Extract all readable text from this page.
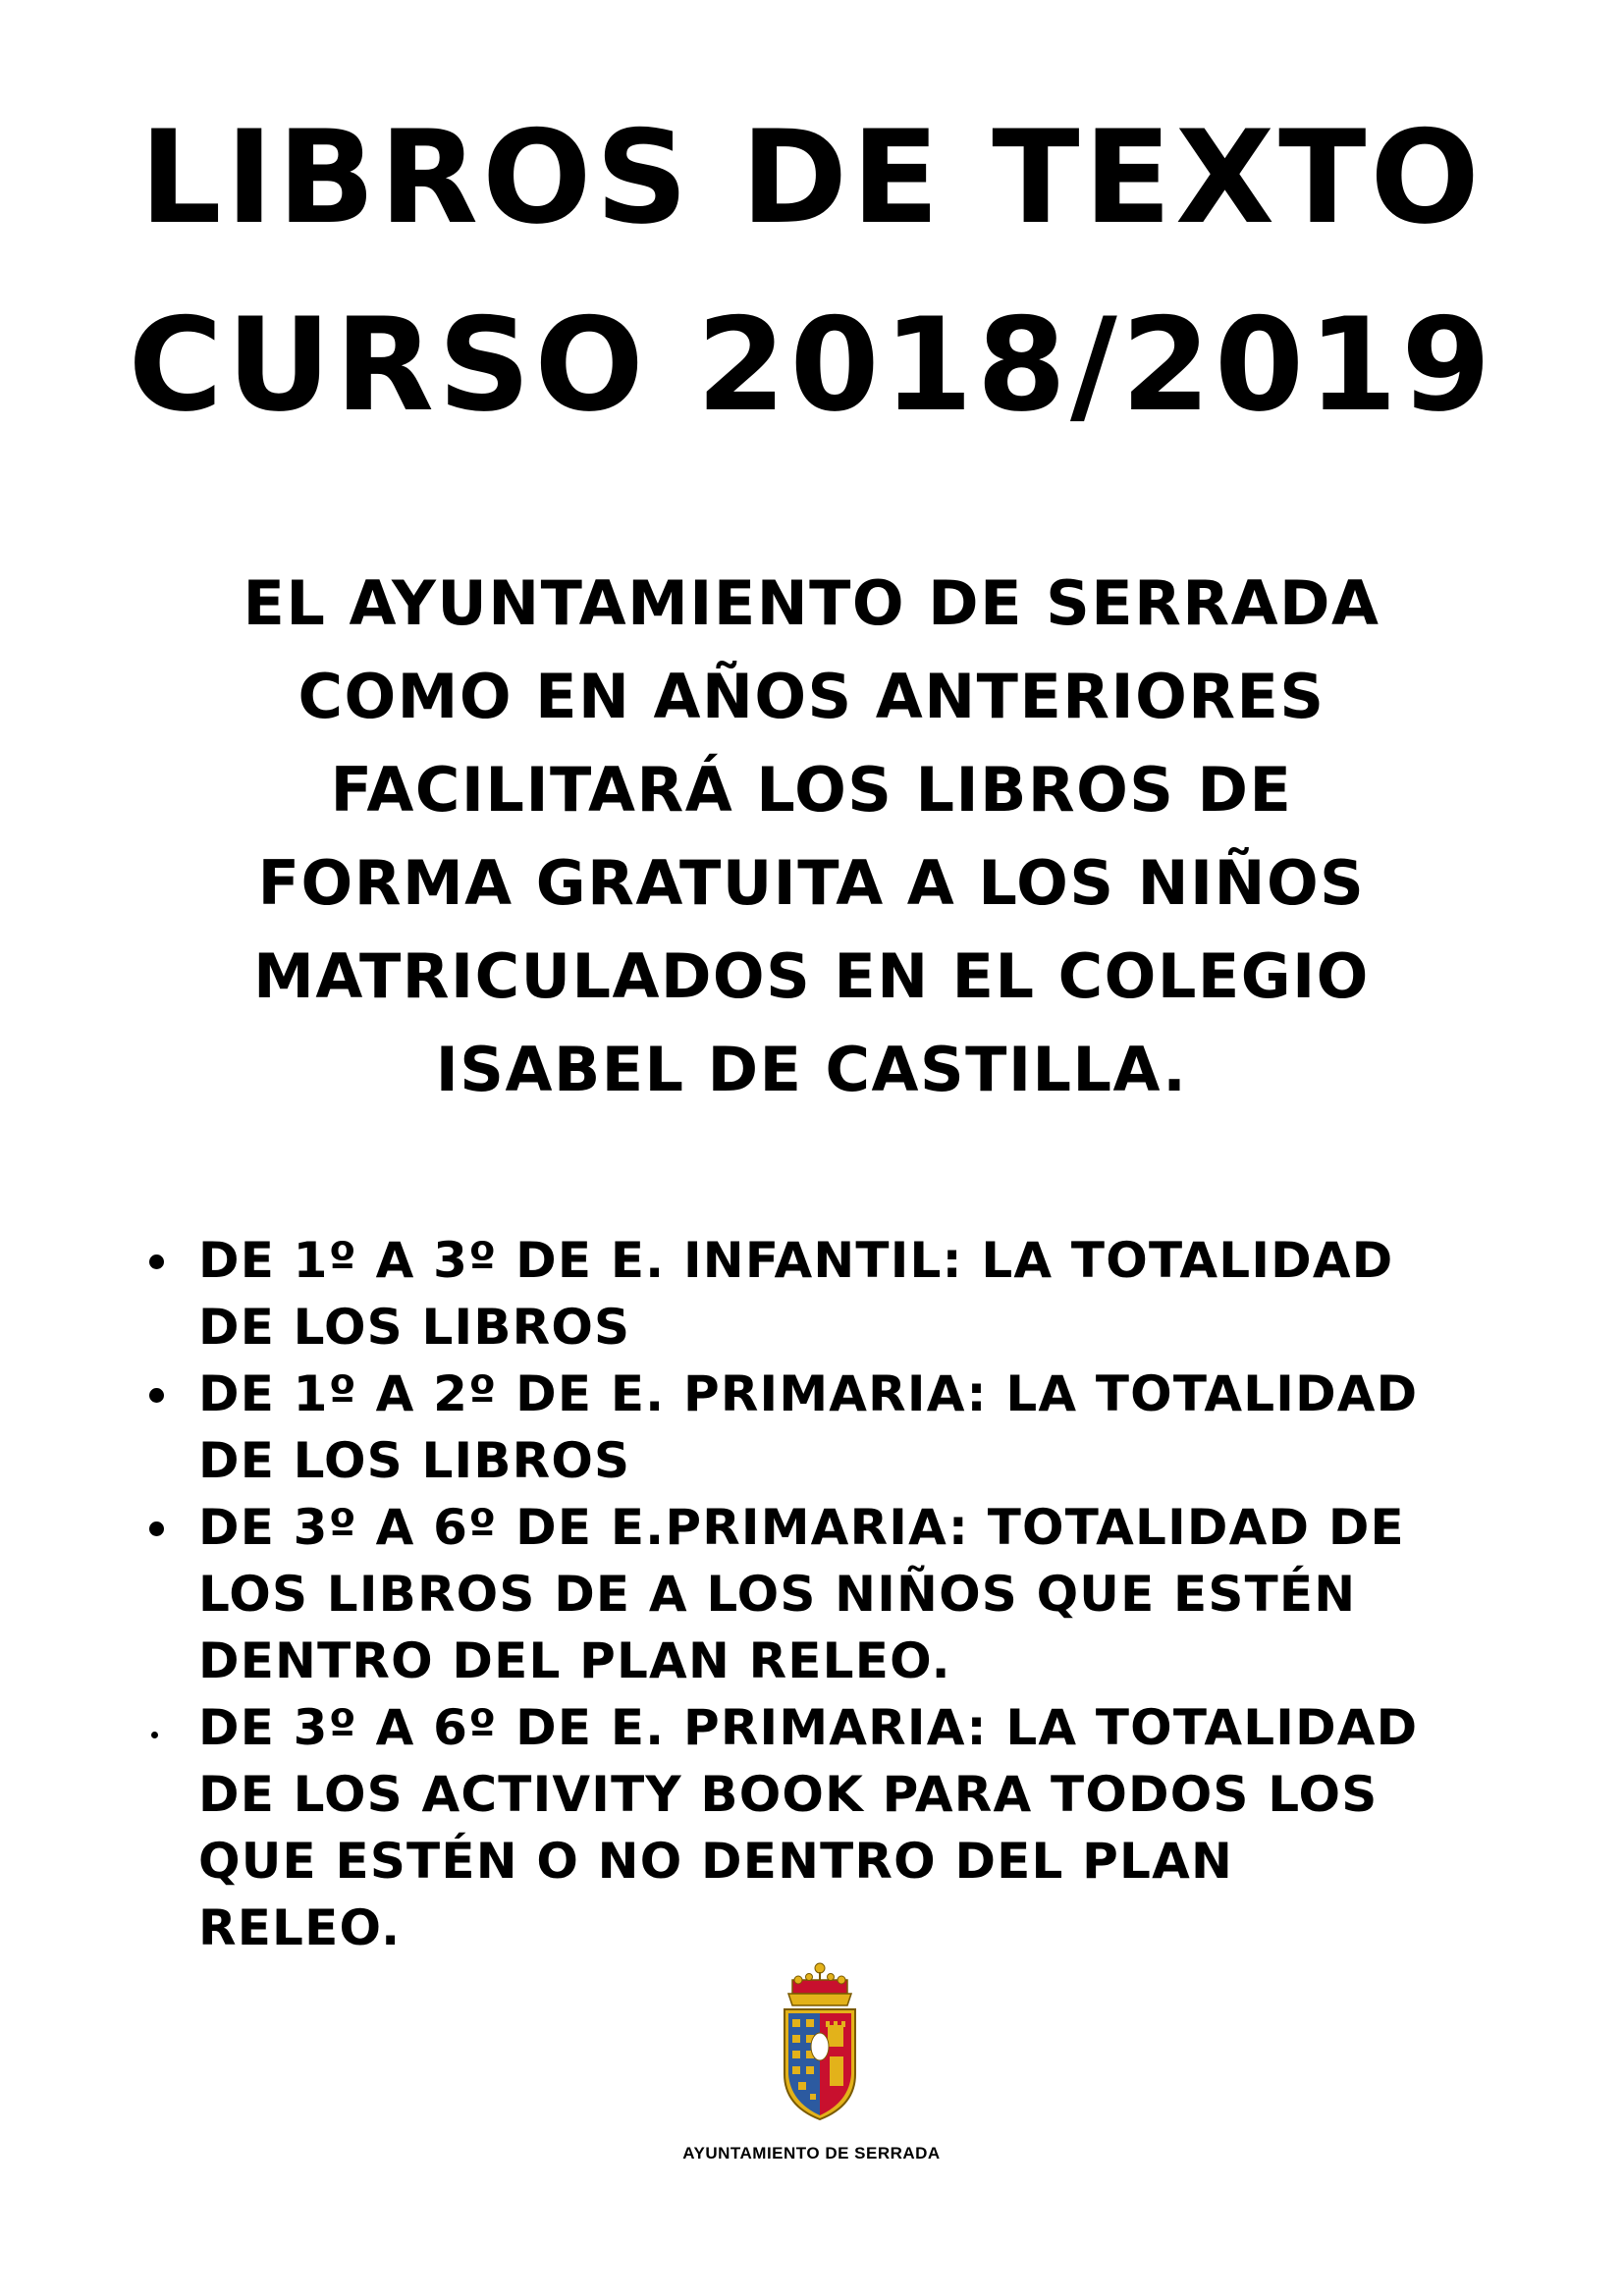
LIBROS DE TEXTO
CURSO 2018/2019

EL AYUNTAMIENTO DE SERRADA
COMO EN AÑOS ANTERIORES
FACILITARÁ LOS LIBROS DE
FORMA GRATUITA A LOS NIÑOS
MATRICULADOS EN EL COLEGIO
ISABEL DE CASTILLA.

DE 1º A 3º DE E. INFANTIL: LA TOTALIDAD
DE LOS LIBROS
DE 1º A 2º DE E. PRIMARIA: LA TOTALIDAD
DE LOS LIBROS
DE 3º A 6º DE E.PRIMARIA: TOTALIDAD DE
LOS LIBROS DE A LOS NIÑOS QUE ESTÉN
DENTRO DEL PLAN RELEO.
DE 3º A 6º DE E. PRIMARIA: LA TOTALIDAD
DE LOS ACTIVITY BOOK PARA TODOS LOS
QUE ESTÉN O NO DENTRO DEL PLAN
RELEO.

AYUNTAMIENTO DE SERRADA
